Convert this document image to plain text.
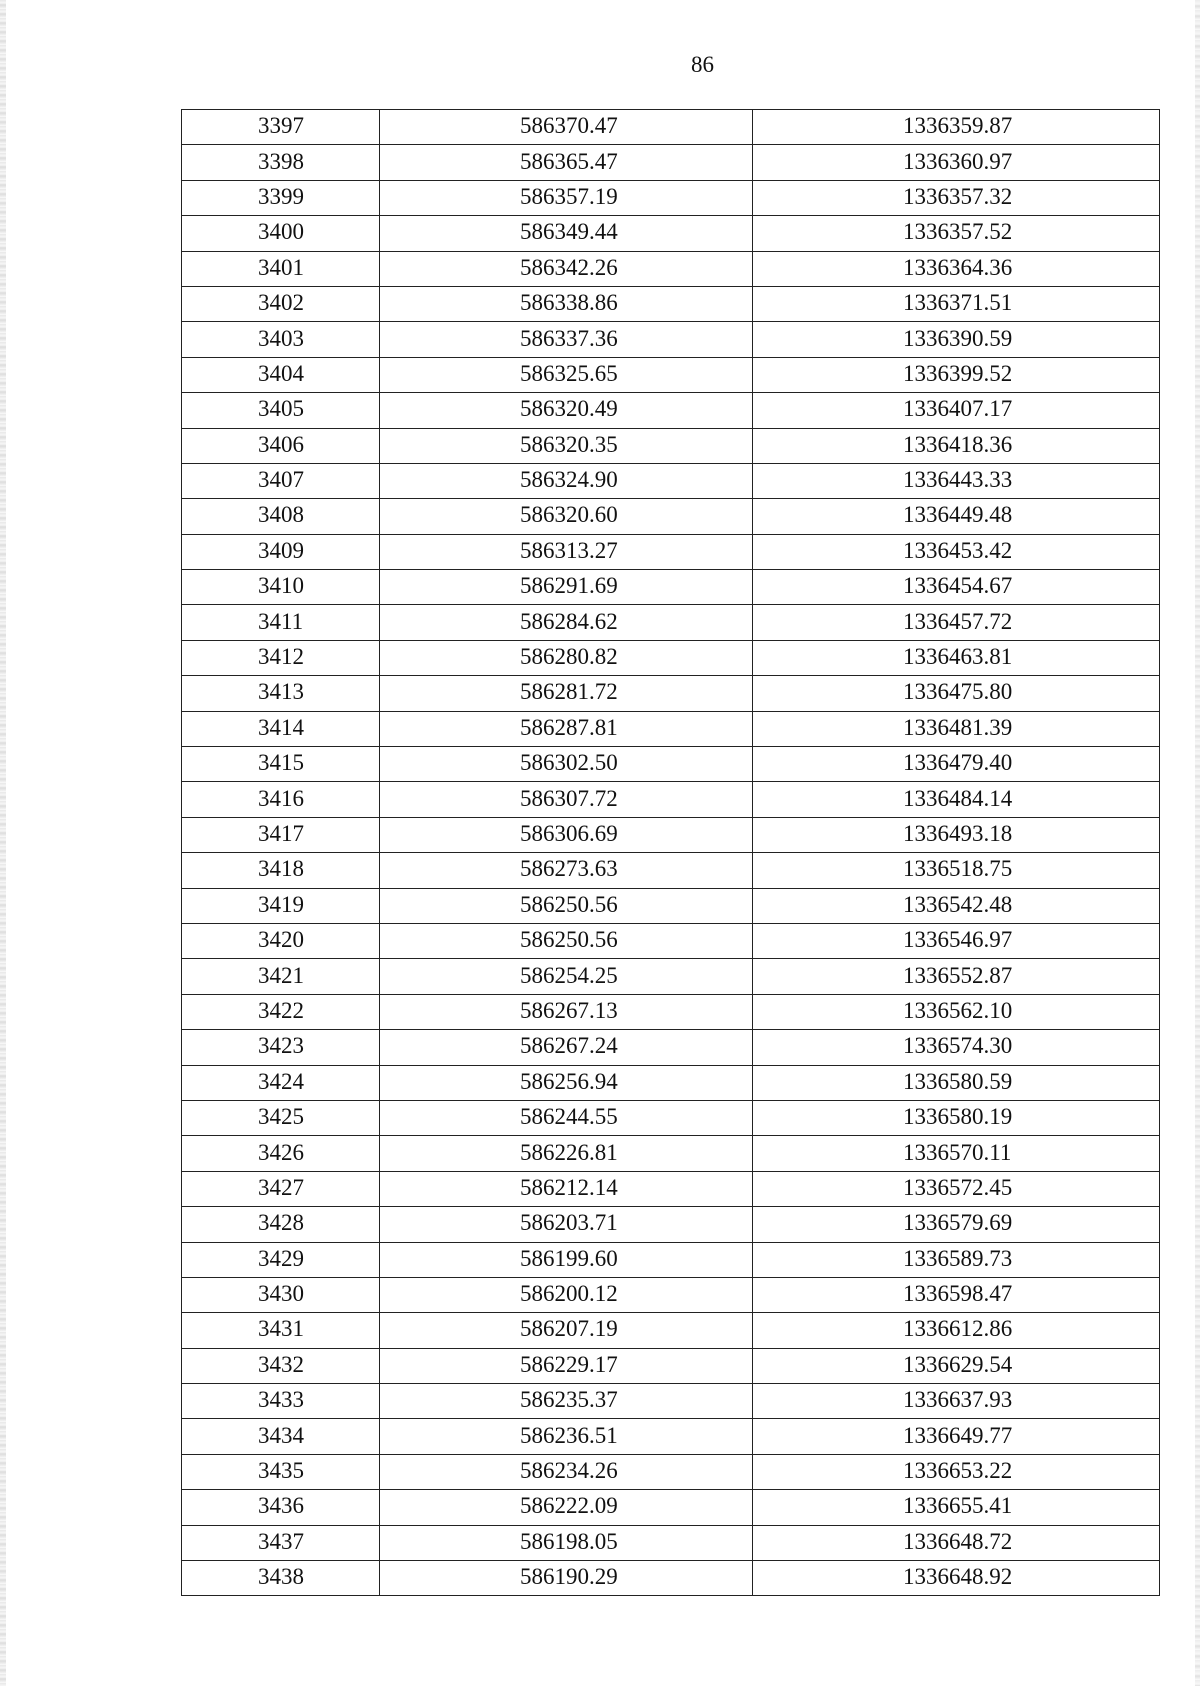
86
3397	586370.47	1336359.87
3398	586365.47	1336360.97
3399	586357.19	1336357.32
3400	586349.44	1336357.52
3401	586342.26	1336364.36
3402	586338.86	1336371.51
3403	586337.36	1336390.59
3404	586325.65	1336399.52
3405	586320.49	1336407.17
3406	586320.35	1336418.36
3407	586324.90	1336443.33
3408	586320.60	1336449.48
3409	586313.27	1336453.42
3410	586291.69	1336454.67
3411	586284.62	1336457.72
3412	586280.82	1336463.81
3413	586281.72	1336475.80
3414	586287.81	1336481.39
3415	586302.50	1336479.40
3416	586307.72	1336484.14
3417	586306.69	1336493.18
3418	586273.63	1336518.75
3419	586250.56	1336542.48
3420	586250.56	1336546.97
3421	586254.25	1336552.87
3422	586267.13	1336562.10
3423	586267.24	1336574.30
3424	586256.94	1336580.59
3425	586244.55	1336580.19
3426	586226.81	1336570.11
3427	586212.14	1336572.45
3428	586203.71	1336579.69
3429	586199.60	1336589.73
3430	586200.12	1336598.47
3431	586207.19	1336612.86
3432	586229.17	1336629.54
3433	586235.37	1336637.93
3434	586236.51	1336649.77
3435	586234.26	1336653.22
3436	586222.09	1336655.41
3437	586198.05	1336648.72
3438	586190.29	1336648.92
